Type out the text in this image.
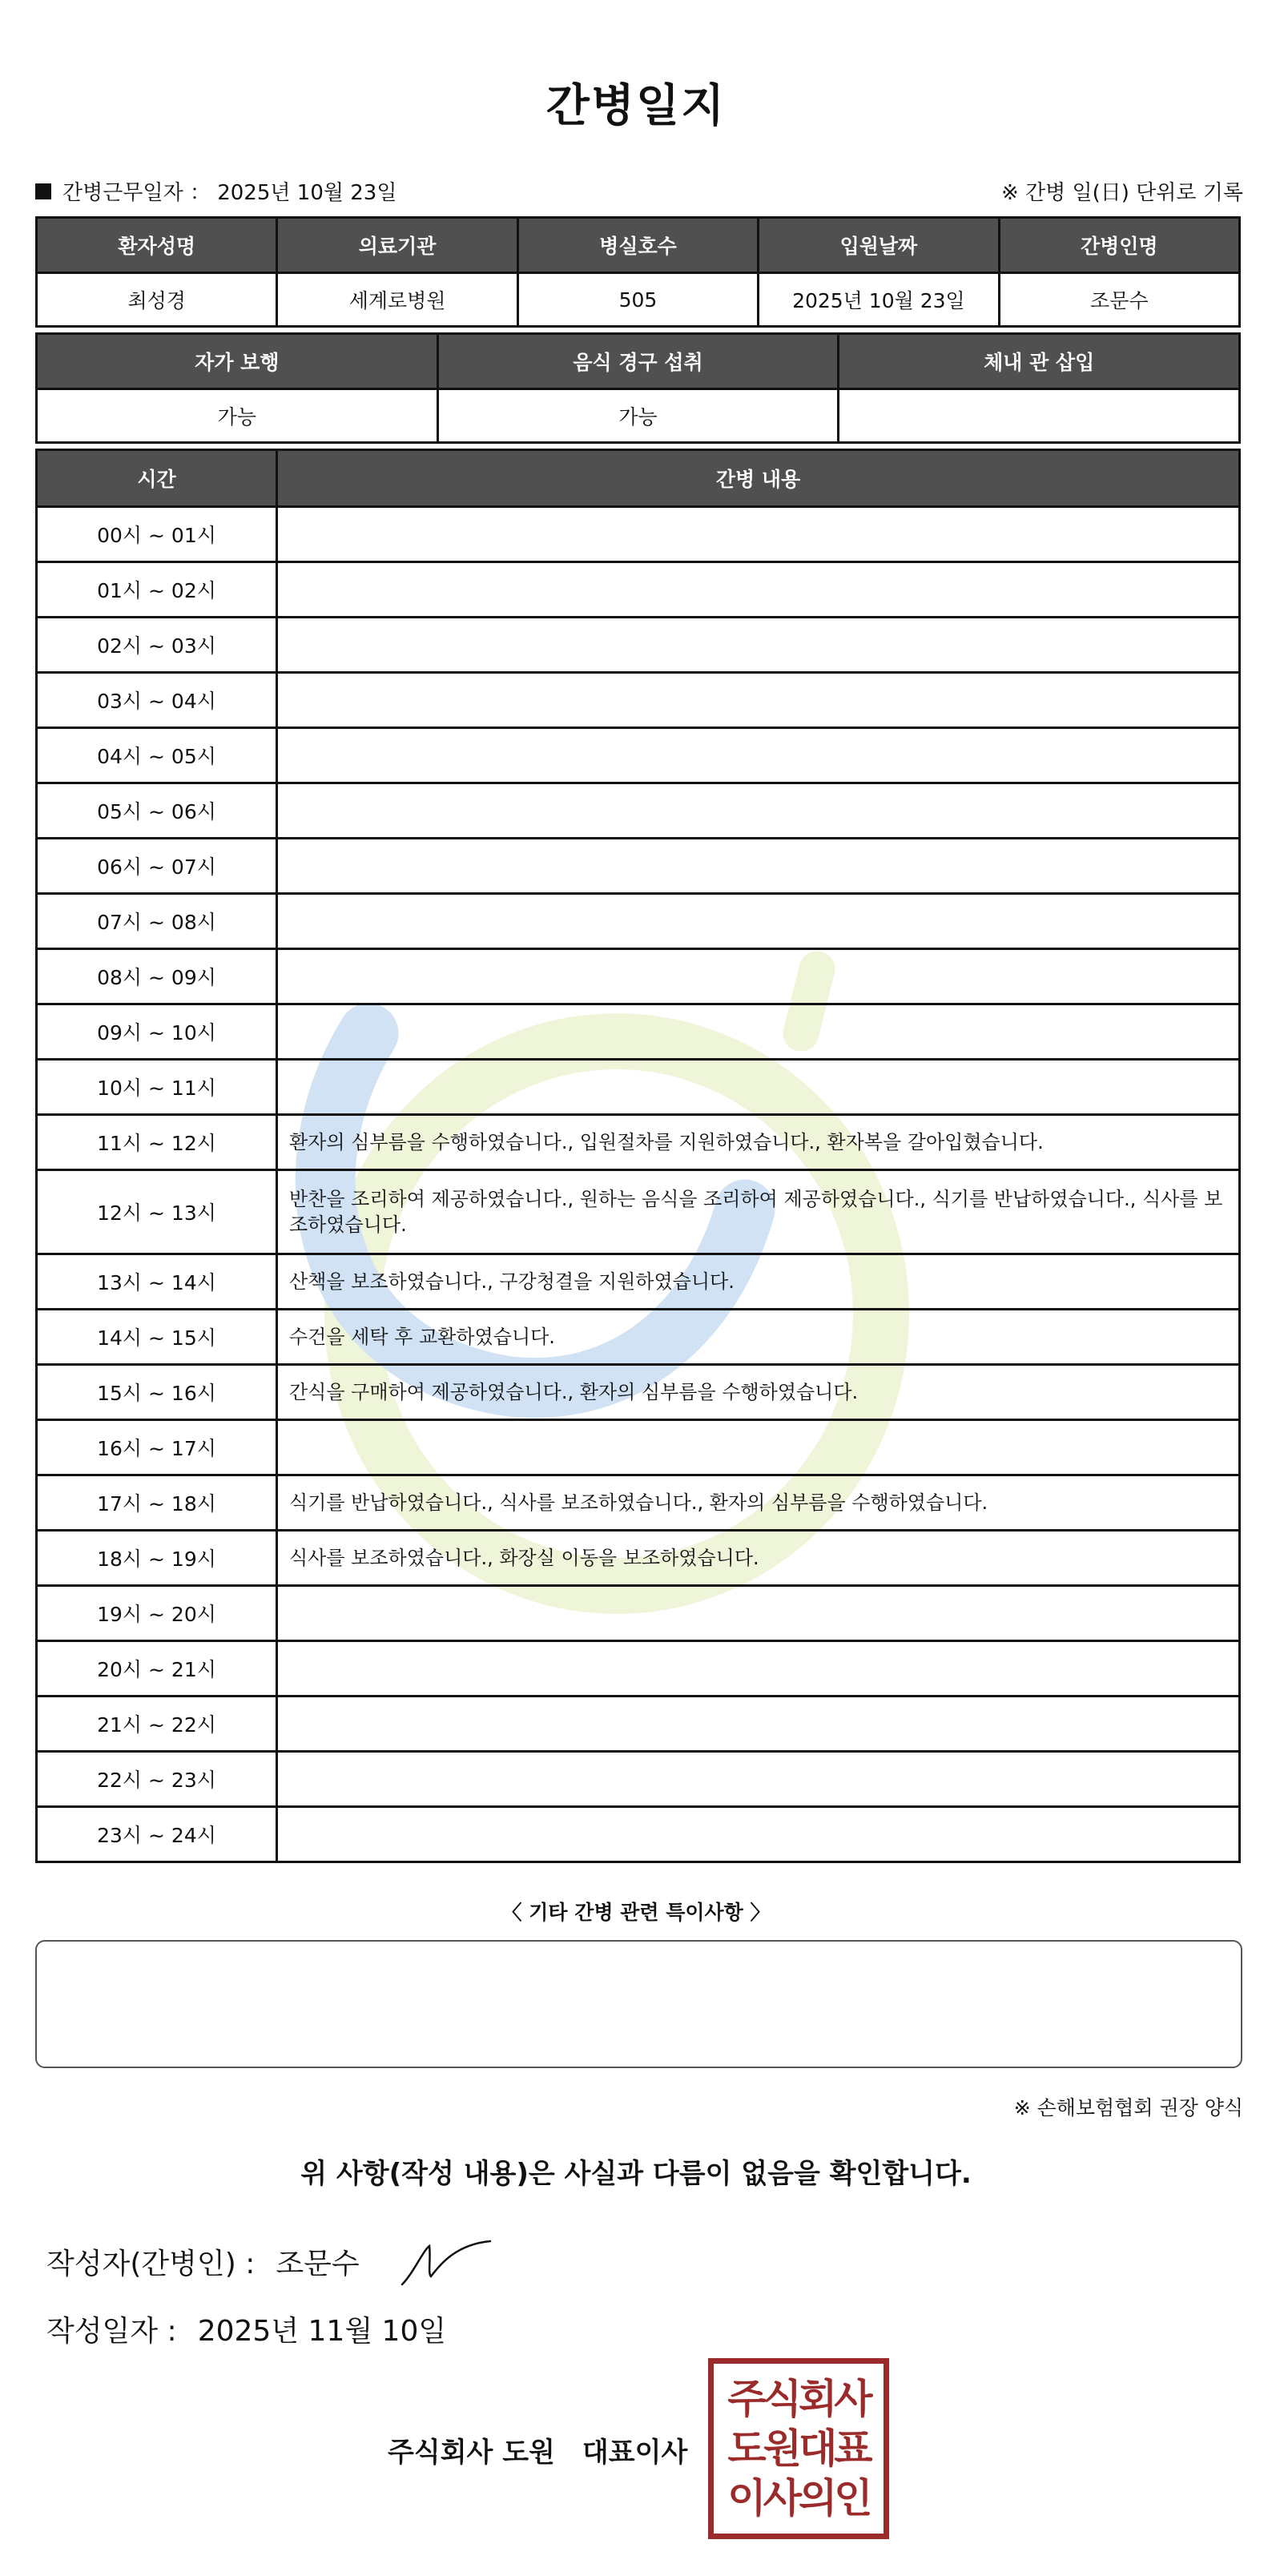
간병일지
간병근무일자 ： 2025년 10월 23일	※ 간병 일(日) 단위로 기록
환자성명	의료기관	병실호수	입원날짜	간병인명
최성경	세계로병원	505	2025년 10월 23일	조문수
자가 보행	음식 경구 섭취	체내 관 삽입
가능	가능	
시간	간병 내용
00시 ~ 01시	
01시 ~ 02시	
02시 ~ 03시	
03시 ~ 04시	
04시 ~ 05시	
05시 ~ 06시	
06시 ~ 07시	
07시 ~ 08시	
08시 ~ 09시	
09시 ~ 10시	
10시 ~ 11시	
11시 ~ 12시	환자의 심부름을 수행하였습니다., 입원절차를 지원하였습니다., 환자복을 갈아입혔습니다.
12시 ~ 13시	반찬을 조리하여 제공하였습니다., 원하는 음식을 조리하여 제공하였습니다., 식기를 반납하였습니다., 식사를 보조하였습니다.
13시 ~ 14시	산책을 보조하였습니다., 구강청결을 지원하였습니다.
14시 ~ 15시	수건을 세탁 후 교환하였습니다.
15시 ~ 16시	간식을 구매하여 제공하였습니다., 환자의 심부름을 수행하였습니다.
16시 ~ 17시	
17시 ~ 18시	식기를 반납하였습니다., 식사를 보조하였습니다., 환자의 심부름을 수행하였습니다.
18시 ~ 19시	식사를 보조하였습니다., 화장실 이동을 보조하였습니다.
19시 ~ 20시	
20시 ~ 21시	
21시 ~ 22시	
22시 ~ 23시	
23시 ~ 24시	
〈 기타 간병 관련 특이사항 〉
※ 손해보험협회 권장 양식
위 사항(작성 내용)은 사실과 다름이 없음을 확인합니다.
작성자(간병인) : 조문수
작성일자 : 2025년 11월 10일
주식회사 도원 대표이사
주식회사
도원대표
이사의인
